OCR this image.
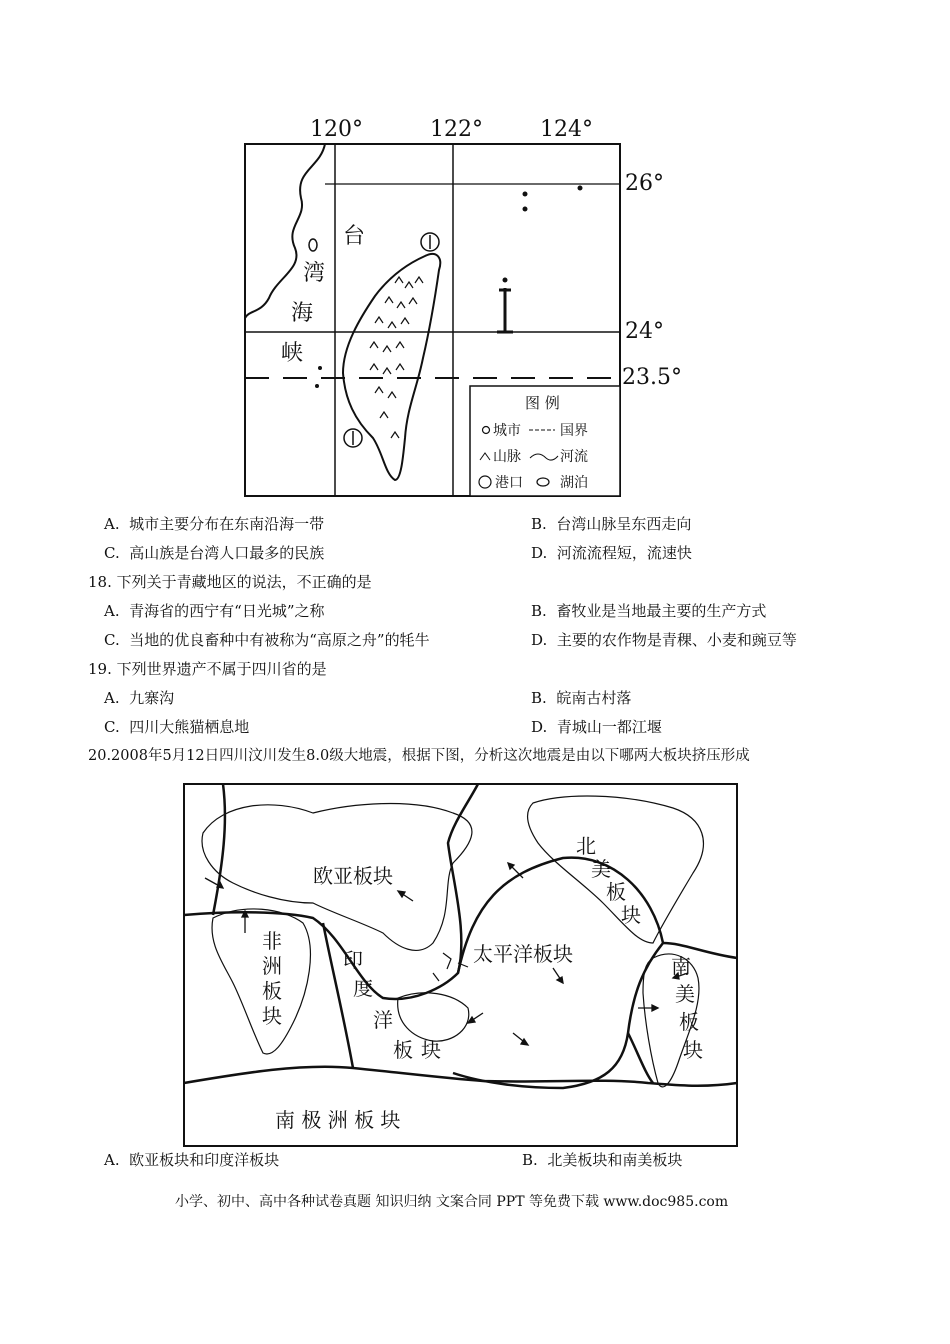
120°	122°	124°
26°
24°
23.5°
台
湾
海
峡
图 例
城市	国界
山脉	河流
港口	湖泊
A. 城市主要分布在东南沿海一带	B. 台湾山脉呈东西走向
C. 高山族是台湾人口最多的民族	D. 河流流程短，流速快
18. 下列关于青藏地区的说法，不正确的是
A. 青海省的西宁有“日光城”之称	B. 畜牧业是当地最主要的生产方式
C. 当地的优良畜种中有被称为“高原之舟”的牦牛	D. 主要的农作物是青稞、小麦和豌豆等
19. 下列世界遗产不属于四川省的是
A. 九寨沟	B. 皖南古村落
C. 四川大熊猫栖息地	D. 青城山一都江堰
20.2008年5月12日四川汶川发生8.0级大地震，根据下图，分析这次地震是由以下哪两大板块挤压形成
欧亚板块
非
洲
板
块
印
度
洋
板 块
太平洋板块
北
美
板
块
南
美
板
块
南 极 洲 板 块
A. 欧亚板块和印度洋板块	B. 北美板块和南美板块
小学、初中、高中各种试卷真题 知识归纳 文案合同 PPT 等免费下载 www.doc985.com
